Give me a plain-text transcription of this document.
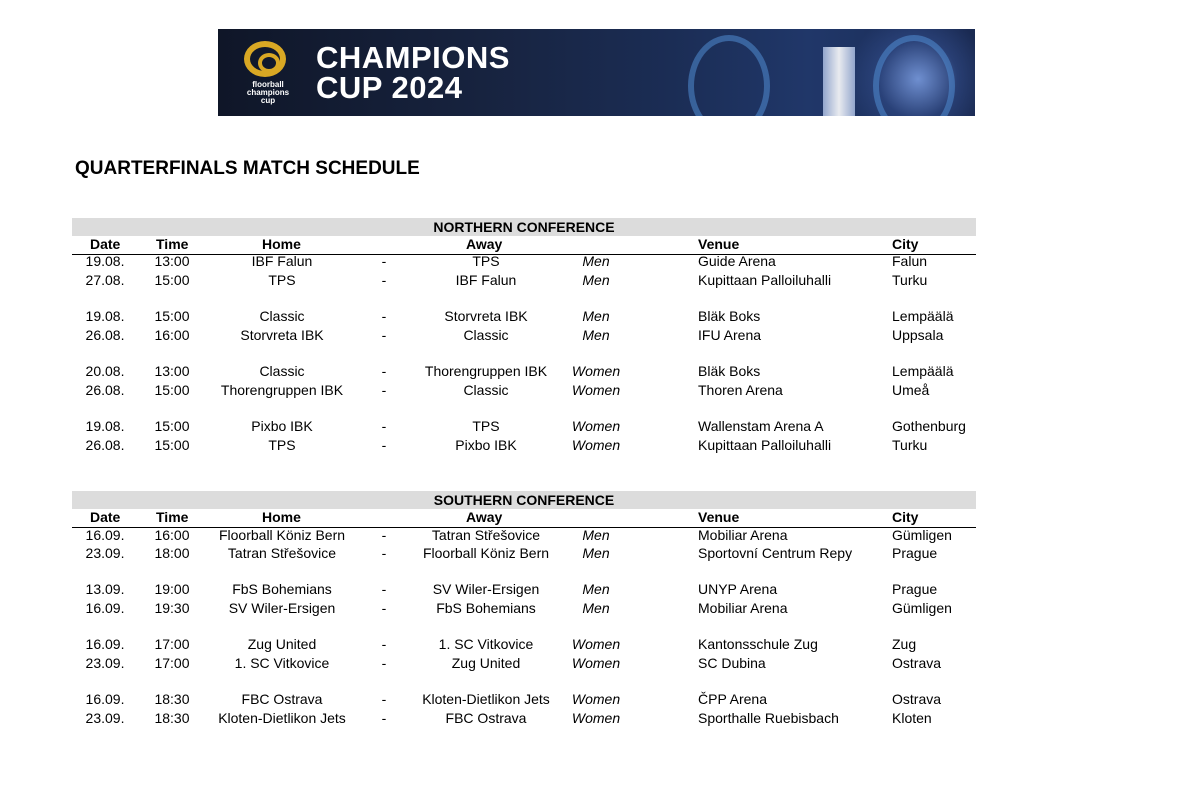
floorball champions cup
CHAMPIONS
CUP 2024
QUARTERFINALS MATCH SCHEDULE
NORTHERN CONFERENCE
Date	Time	Home	Away	Venue	City
19.08.	13:00	IBF Falun	-	TPS	Men	Guide Arena	Falun
27.08.	15:00	TPS	-	IBF Falun	Men	Kupittaan Palloiluhalli	Turku
19.08.	15:00	Classic	-	Storvreta IBK	Men	Bläk Boks	Lempäälä
26.08.	16:00	Storvreta IBK	-	Classic	Men	IFU Arena	Uppsala
20.08.	13:00	Classic	-	Thorengruppen IBK	Women	Bläk Boks	Lempäälä
26.08.	15:00	Thorengruppen IBK	-	Classic	Women	Thoren Arena	Umeå
19.08.	15:00	Pixbo IBK	-	TPS	Women	Wallenstam Arena A	Gothenburg
26.08.	15:00	TPS	-	Pixbo IBK	Women	Kupittaan Palloiluhalli	Turku
SOUTHERN CONFERENCE
Date	Time	Home	Away	Venue	City
16.09.	16:00	Floorball Köniz Bern	-	Tatran Střešovice	Men	Mobiliar Arena	Gümligen
23.09.	18:00	Tatran Střešovice	-	Floorball Köniz Bern	Men	Sportovní Centrum Repy	Prague
13.09.	19:00	FbS Bohemians	-	SV Wiler-Ersigen	Men	UNYP Arena	Prague
16.09.	19:30	SV Wiler-Ersigen	-	FbS Bohemians	Men	Mobiliar Arena	Gümligen
16.09.	17:00	Zug United	-	1. SC Vitkovice	Women	Kantonsschule Zug	Zug
23.09.	17:00	1. SC Vitkovice	-	Zug United	Women	SC Dubina	Ostrava
16.09.	18:30	FBC Ostrava	-	Kloten-Dietlikon Jets	Women	ČPP Arena	Ostrava
23.09.	18:30	Kloten-Dietlikon Jets	-	FBC Ostrava	Women	Sporthalle Ruebisbach	Kloten
